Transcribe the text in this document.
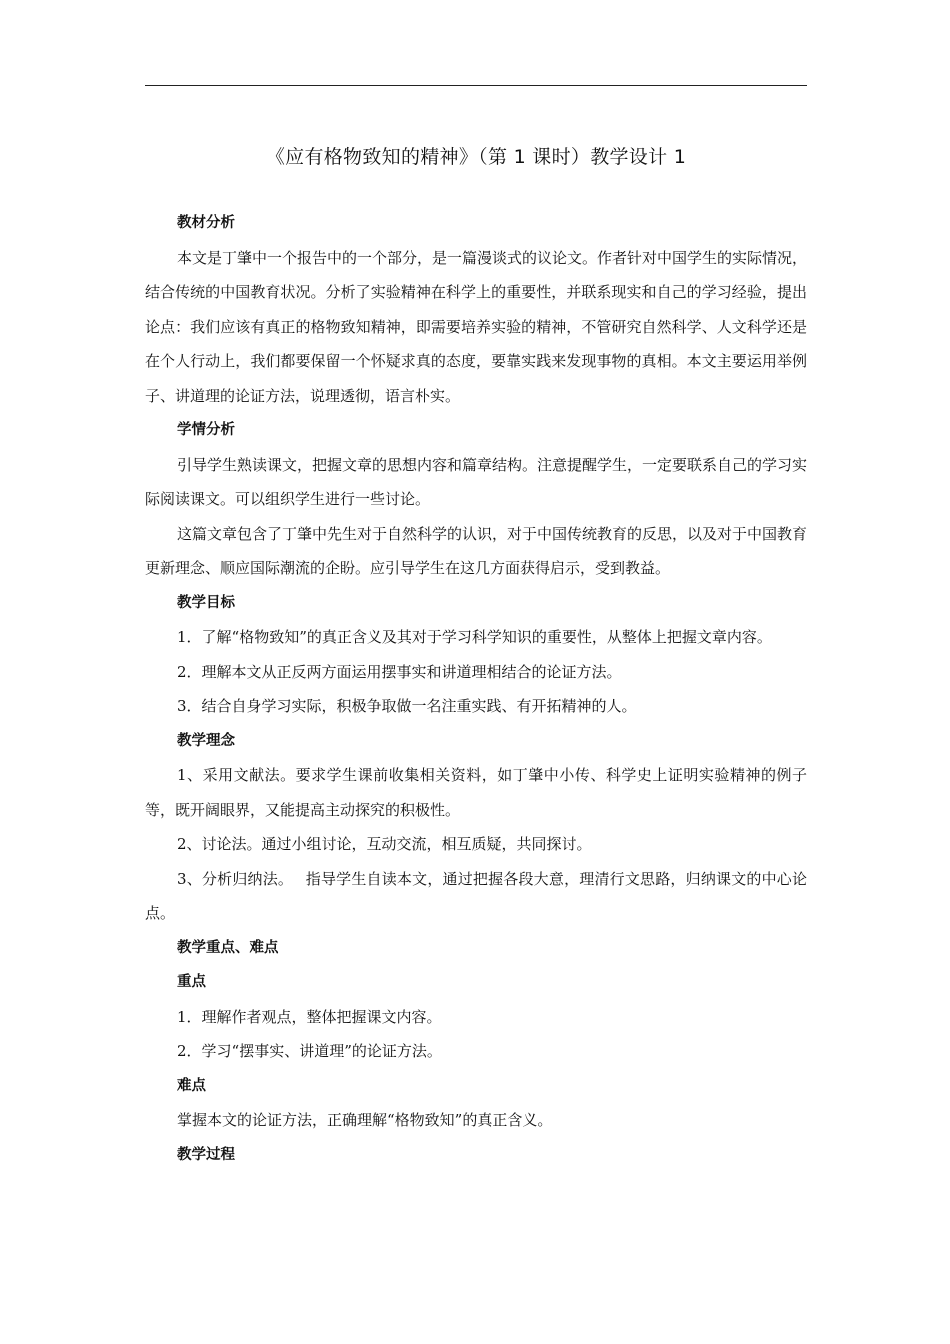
《应有格物致知的精神》（第 1 课时）教学设计 1

教材分析

本文是丁肇中一个报告中的一个部分，是一篇漫谈式的议论文。作者针对中国学生的实际情况，结合传统的中国教育状况。分析了实验精神在科学上的重要性，并联系现实和自己的学习经验，提出论点：我们应该有真正的格物致知精神，即需要培养实验的精神，不管研究自然科学、人文科学还是在个人行动上，我们都要保留一个怀疑求真的态度，要靠实践来发现事物的真相。本文主要运用举例子、讲道理的论证方法，说理透彻，语言朴实。

学情分析

引导学生熟读课文，把握文章的思想内容和篇章结构。注意提醒学生，一定要联系自己的学习实际阅读课文。可以组织学生进行一些讨论。

这篇文章包含了丁肇中先生对于自然科学的认识，对于中国传统教育的反思，以及对于中国教育更新理念、顺应国际潮流的企盼。应引导学生在这几方面获得启示，受到教益。

教学目标

1．了解“格物致知”的真正含义及其对于学习科学知识的重要性，从整体上把握文章内容。

2．理解本文从正反两方面运用摆事实和讲道理相结合的论证方法。

3．结合自身学习实际，积极争取做一名注重实践、有开拓精神的人。

教学理念

1、采用文献法。要求学生课前收集相关资料，如丁肇中小传、科学史上证明实验精神的例子等，既开阔眼界，又能提高主动探究的积极性。

2、讨论法。通过小组讨论，互动交流，相互质疑，共同探讨。

3、分析归纳法。　 指导学生自读本文，通过把握各段大意，理清行文思路，归纳课文的中心论点。

教学重点、难点

重点

1．理解作者观点，整体把握课文内容。

2．学习“摆事实、讲道理”的论证方法。

难点

掌握本文的论证方法，正确理解“格物致知”的真正含义。

教学过程
